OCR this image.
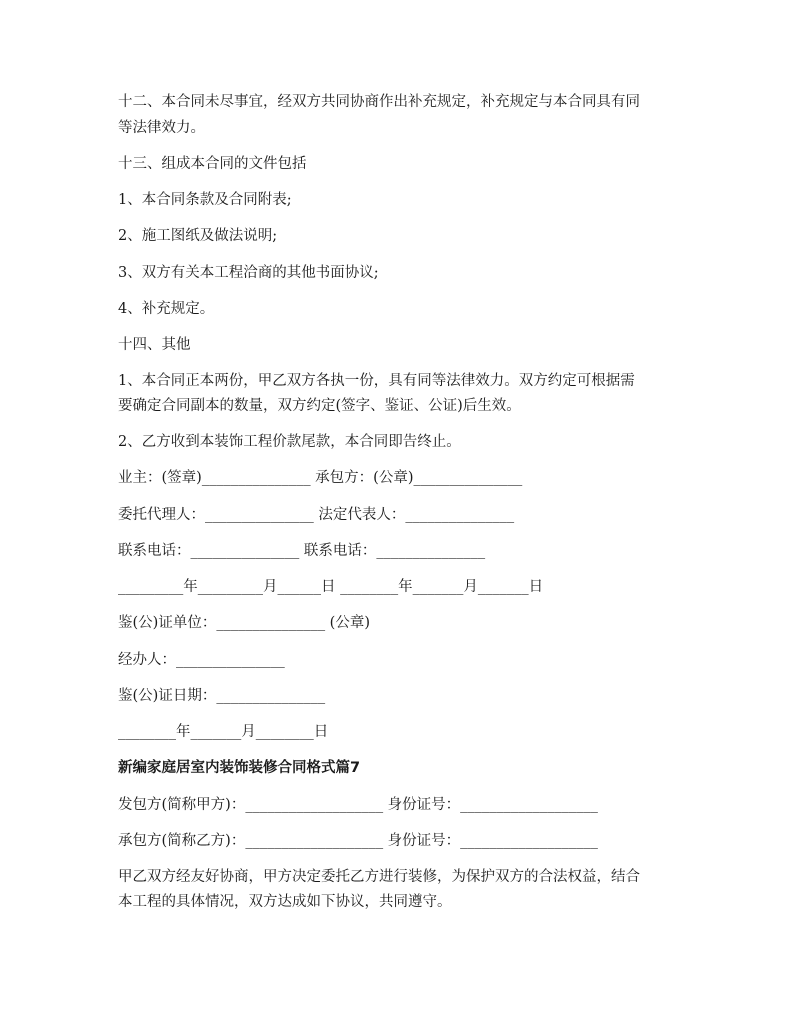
十二、本合同未尽事宜，经双方共同协商作出补充规定，补充规定与本合同具有同
等法律效力。
十三、组成本合同的文件包括
1、本合同条款及合同附表;
2、施工图纸及做法说明;
3、双方有关本工程洽商的其他书面协议;
4、补充规定。
十四、其他
1、本合同正本两份，甲乙双方各执一份，具有同等法律效力。双方约定可根据需
要确定合同副本的数量，双方约定(签字、鉴证、公证)后生效。
2、乙方收到本装饰工程价款尾款，本合同即告终止。
业主：(签章)_______________ 承包方：(公章)_______________
委托代理人：_______________ 法定代表人：_______________
联系电话：_______________ 联系电话：_______________
_________年_________月______日 ________年_______月_______日
鉴(公)证单位：_______________ (公章)
经办人：_______________
鉴(公)证日期：_______________
________年_______月________日
新编家庭居室内装饰装修合同格式篇7
发包方(简称甲方)：___________________ 身份证号：___________________
承包方(简称乙方)：___________________ 身份证号：___________________
甲乙双方经友好协商，甲方决定委托乙方进行装修，为保护双方的合法权益，结合
本工程的具体情况，双方达成如下协议，共同遵守。
